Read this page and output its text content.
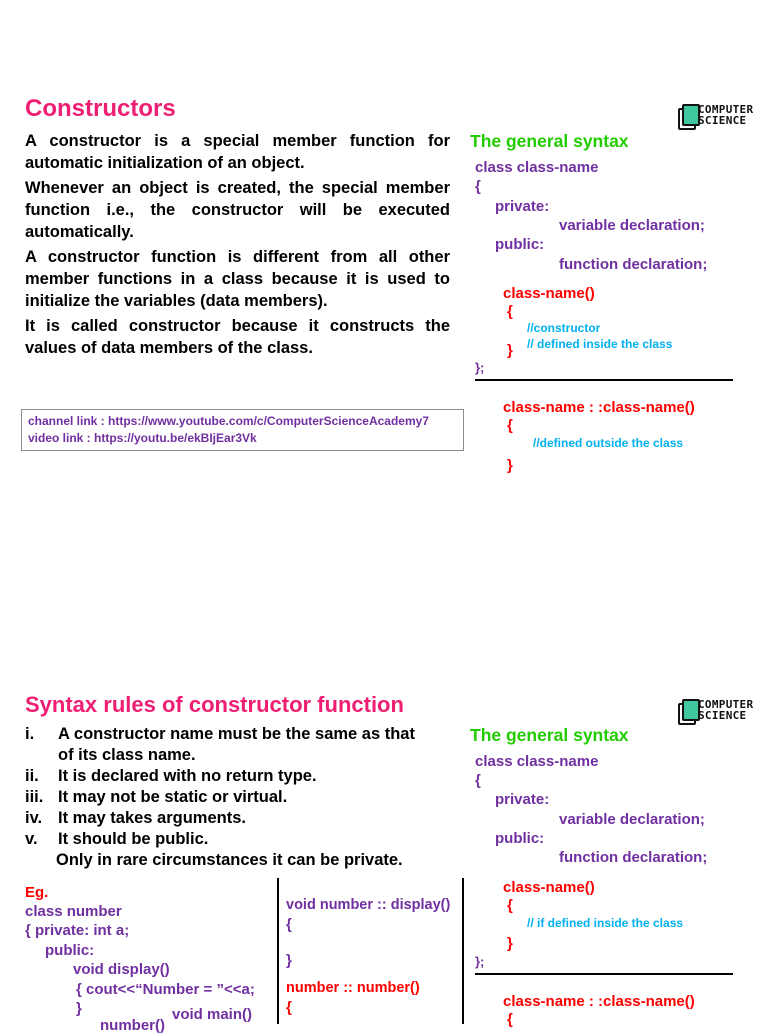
Constructors	COMPUTER
SCIENCE

A constructor is a special member function for automatic initialization of an object.

Whenever an object is created, the special member function i.e., the constructor will be executed automatically.

A constructor function is different from all other member functions in a class because it is used to initialize the variables (data members).

It is called constructor because it constructs the values of data members of the class.

channel link : https://www.youtube.com/c/ComputerScienceAcademy7
video link : https://youtu.be/ekBIjEar3Vk
The general syntax
class class-name
{
private:
variable declaration;
public:
function declaration;
class-name()
{
//constructor
// defined inside the class
}
};
class-name : :class-name()
{
//defined outside the class
}
Syntax rules of constructor function	COMPUTER
SCIENCE
i. A constructor name must be the same as that
of its class name.
ii. It is declared with no return type.
iii. It may not be static or virtual.
iv. It may takes arguments.
v. It should be public.
Only in rare circumstances it can be private.
Eg.
class number
{ private: int a;
public:
void display()
{ cout<<“Number = ”<<a;
}
number()
void main()
void number :: display()
{
}
number :: number()
{
The general syntax
class class-name
{
private:
variable declaration;
public:
function declaration;
class-name()
{
// if defined inside the class
}
};
class-name : :class-name()
{
